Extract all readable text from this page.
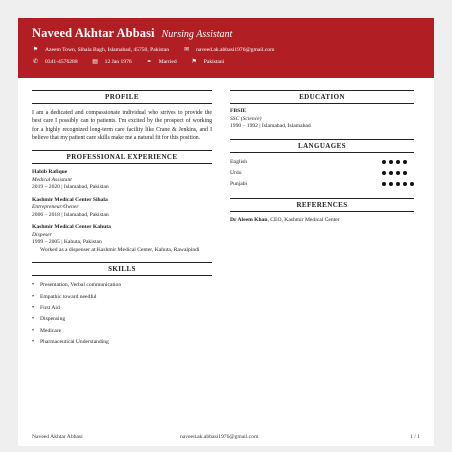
Naveed Akhtar Abbasi Nursing Assistant
⚑ Azeem Town, Sihala Bagh, Islamabad, 45750, Pakistan ✉ naveed.ak.abbasi1976@gmail.com
✆ 0341-4576288 ▤ 12 Jan 1976 ⚭ Married ⚑ Pakistani
PROFILE

I am a dedicated and compassionate individual who strives to provide the best care I possibly can to patients. I'm excited by the prospect of working for a highly recognized long-term care facility like Crane & Jenkins, and I believe that my patient care skills make me a natural fit for this position.

PROFESSIONAL EXPERIENCE
Habib Rafique
Medical Assistant
2019 – 2020 | Islamabad, Pakistan
Kashmir Medical Center Sihala
Entrepreneur/Owner
2006 – 2018 | Islamabad, Pakistan
Kashmir Medical Center Kahuta
Dispeser
1999 – 2005 | Kahuta, Pakistan
Worked as a dispenser at Kashmir Medical Center, Kahuta, Rawalpindi
SKILLS
•	Presentation, Verbal communication
•	Empathic toward needful
•	First Aid
•	Dispensing
•	Medicare
•	Pharmaceutical Understanding
EDUCATION
FBSIE
SSC (Science)
1990 – 1992 | Islamabad, Islamabad
LANGUAGES
English
Urdu
Punjabi
REFERENCES
Dr Aleem Khan, CEO, Kashmir Medical Center
Naveed Akhtar Abbasi	naveed.ak.abbasi1976@gmail.com	1 / 1
